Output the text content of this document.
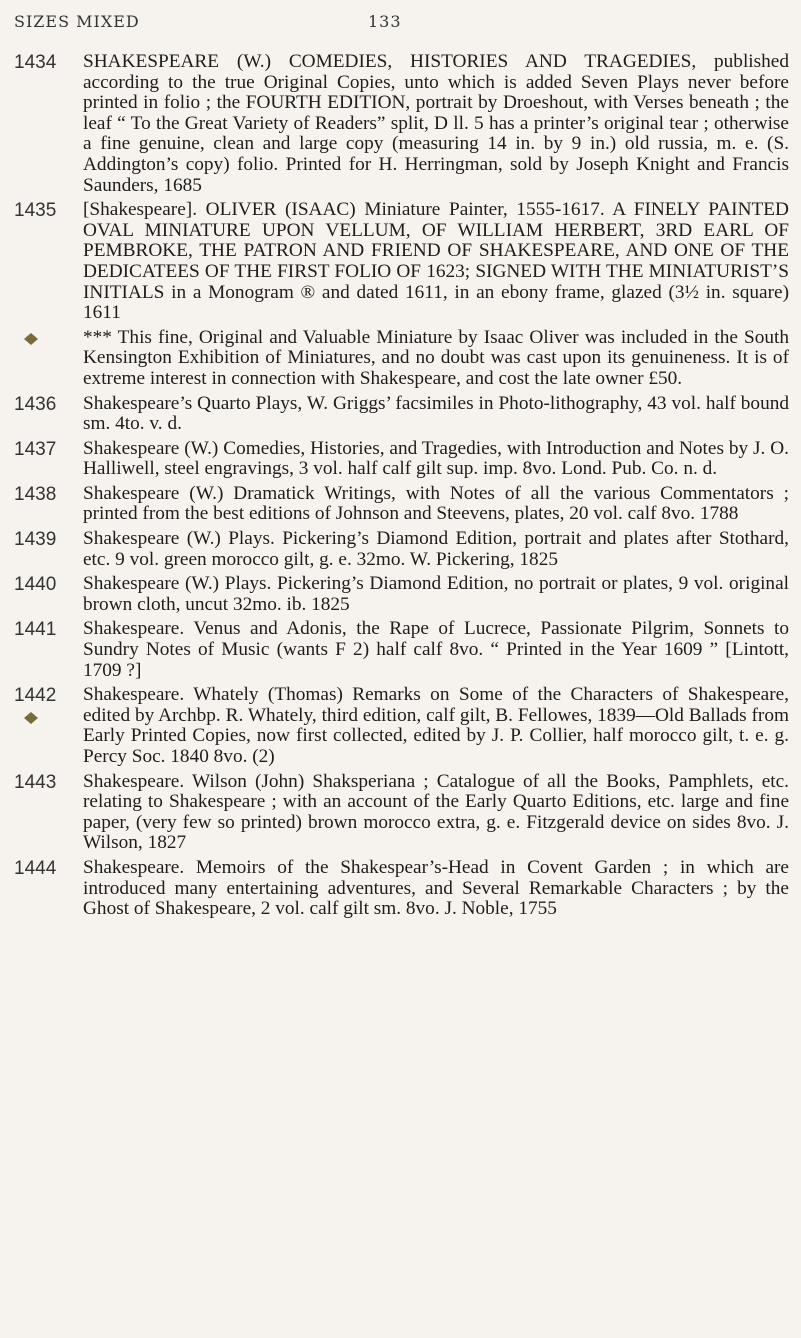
SIZES MIXED	133
1434 SHAKESPEARE (W.) COMEDIES, HISTORIES AND TRAGEDIES, published according to the true Original Copies, unto which is added Seven Plays never before printed in folio ; the FOURTH EDITION, portrait by Droeshout, with Verses beneath ; the leaf “ To the Great Variety of Readers” split, D ll. 5 has a printer’s original tear ; otherwise a fine genuine, clean and large copy (measuring 14 in. by 9 in.) old russia, m. e. (S. Addington’s copy) folio. Printed for H. Herringman, sold by Joseph Knight and Francis Saunders, 1685
1435 [Shakespeare]. OLIVER (ISAAC) Miniature Painter, 1555-1617. A FINELY PAINTED OVAL MINIATURE UPON VELLUM, OF WILLIAM HERBERT, 3RD EARL OF PEMBROKE, THE PATRON AND FRIEND OF SHAKESPEARE, AND ONE OF THE DEDICATEES OF THE FIRST FOLIO OF 1623; SIGNED WITH THE MINIATURIST’S INITIALS in a Monogram ® and dated 1611, in an ebony frame, glazed (3½ in. square) 1611
*** This fine, Original and Valuable Miniature by Isaac Oliver was included in the South Kensington Exhibition of Miniatures, and no doubt was cast upon its genuineness. It is of extreme interest in connection with Shakespeare, and cost the late owner £50.
1436 Shakespeare’s Quarto Plays, W. Griggs’ facsimiles in Photo-lithography, 43 vol. half bound sm. 4to. v. d.
1437 Shakespeare (W.) Comedies, Histories, and Tragedies, with Introduction and Notes by J. O. Halliwell, steel engravings, 3 vol. half calf gilt sup. imp. 8vo. Lond. Pub. Co. n. d.
1438 Shakespeare (W.) Dramatick Writings, with Notes of all the various Commentators ; printed from the best editions of Johnson and Steevens, plates, 20 vol. calf 8vo. 1788
1439 Shakespeare (W.) Plays. Pickering’s Diamond Edition, portrait and plates after Stothard, etc. 9 vol. green morocco gilt, g. e. 32mo. W. Pickering, 1825
1440 Shakespeare (W.) Plays. Pickering’s Diamond Edition, no portrait or plates, 9 vol. original brown cloth, uncut 32mo. ib. 1825
1441 Shakespeare. Venus and Adonis, the Rape of Lucrece, Passionate Pilgrim, Sonnets to Sundry Notes of Music (wants F 2) half calf 8vo. “ Printed in the Year 1609 ” [Lintott, 1709 ?]
1442 Shakespeare. Whately (Thomas) Remarks on Some of the Characters of Shakespeare, edited by Archbp. R. Whately, third edition, calf gilt, B. Fellowes, 1839—Old Ballads from Early Printed Copies, now first collected, edited by J. P. Collier, half morocco gilt, t. e. g. Percy Soc. 1840 8vo. (2)
1443 Shakespeare. Wilson (John) Shaksperiana ; Catalogue of all the Books, Pamphlets, etc. relating to Shakespeare ; with an account of the Early Quarto Editions, etc. large and fine paper, (very few so printed) brown morocco extra, g. e. Fitzgerald device on sides 8vo. J. Wilson, 1827
1444 Shakespeare. Memoirs of the Shakespear’s-Head in Covent Garden ; in which are introduced many entertaining adventures, and Several Remarkable Characters ; by the Ghost of Shakespeare, 2 vol. calf gilt sm. 8vo. J. Noble, 1755
